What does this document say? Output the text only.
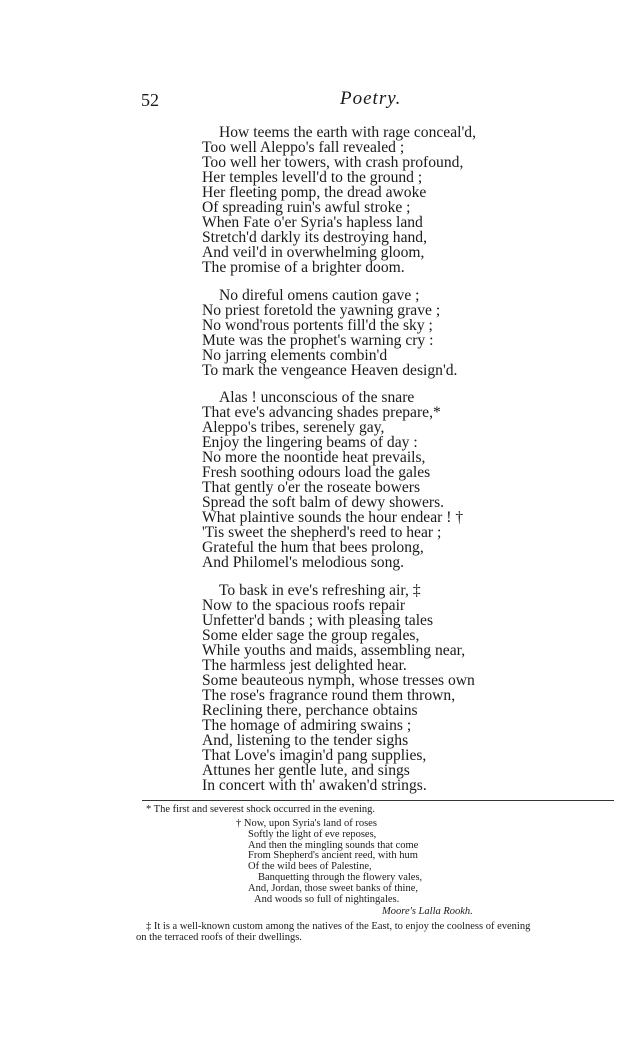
52	Poetry.
How teems the earth with rage conceal'd,
Too well Aleppo's fall revealed ;
Too well her towers, with crash profound,
Her temples levell'd to the ground ;
Her fleeting pomp, the dread awoke
Of spreading ruin's awful stroke ;
When Fate o'er Syria's hapless land
Stretch'd darkly its destroying hand,
And veil'd in overwhelming gloom,
The promise of a brighter doom.
No direful omens caution gave ;
No priest foretold the yawning grave ;
No wond'rous portents fill'd the sky ;
Mute was the prophet's warning cry :
No jarring elements combin'd
To mark the vengeance Heaven design'd.
Alas ! unconscious of the snare
That eve's advancing shades prepare,*
Aleppo's tribes, serenely gay,
Enjoy the lingering beams of day :
No more the noontide heat prevails,
Fresh soothing odours load the gales
That gently o'er the roseate bowers
Spread the soft balm of dewy showers.
What plaintive sounds the hour endear ! †
'Tis sweet the shepherd's reed to hear ;
Grateful the hum that bees prolong,
And Philomel's melodious song.
To bask in eve's refreshing air, ‡
Now to the spacious roofs repair
Unfetter'd bands ; with pleasing tales
Some elder sage the group regales,
While youths and maids, assembling near,
The harmless jest delighted hear.
Some beauteous nymph, whose tresses own
The rose's fragrance round them thrown,
Reclining there, perchance obtains
The homage of admiring swains ;
And, listening to the tender sighs
That Love's imagin'd pang supplies,
Attunes her gentle lute, and sings
In concert with th' awaken'd strings.
* The first and severest shock occurred in the evening.
† Now, upon Syria's land of roses
Softly the light of eve reposes,
And then the mingling sounds that come
From Shepherd's ancient reed, with hum
Of the wild bees of Palestine,
Banquetting through the flowery vales,
And, Jordan, those sweet banks of thine,
And woods so full of nightingales.
Moore's Lalla Rookh.
‡ It is a well-known custom among the natives of the East, to enjoy the coolness of evening
on the terraced roofs of their dwellings.
